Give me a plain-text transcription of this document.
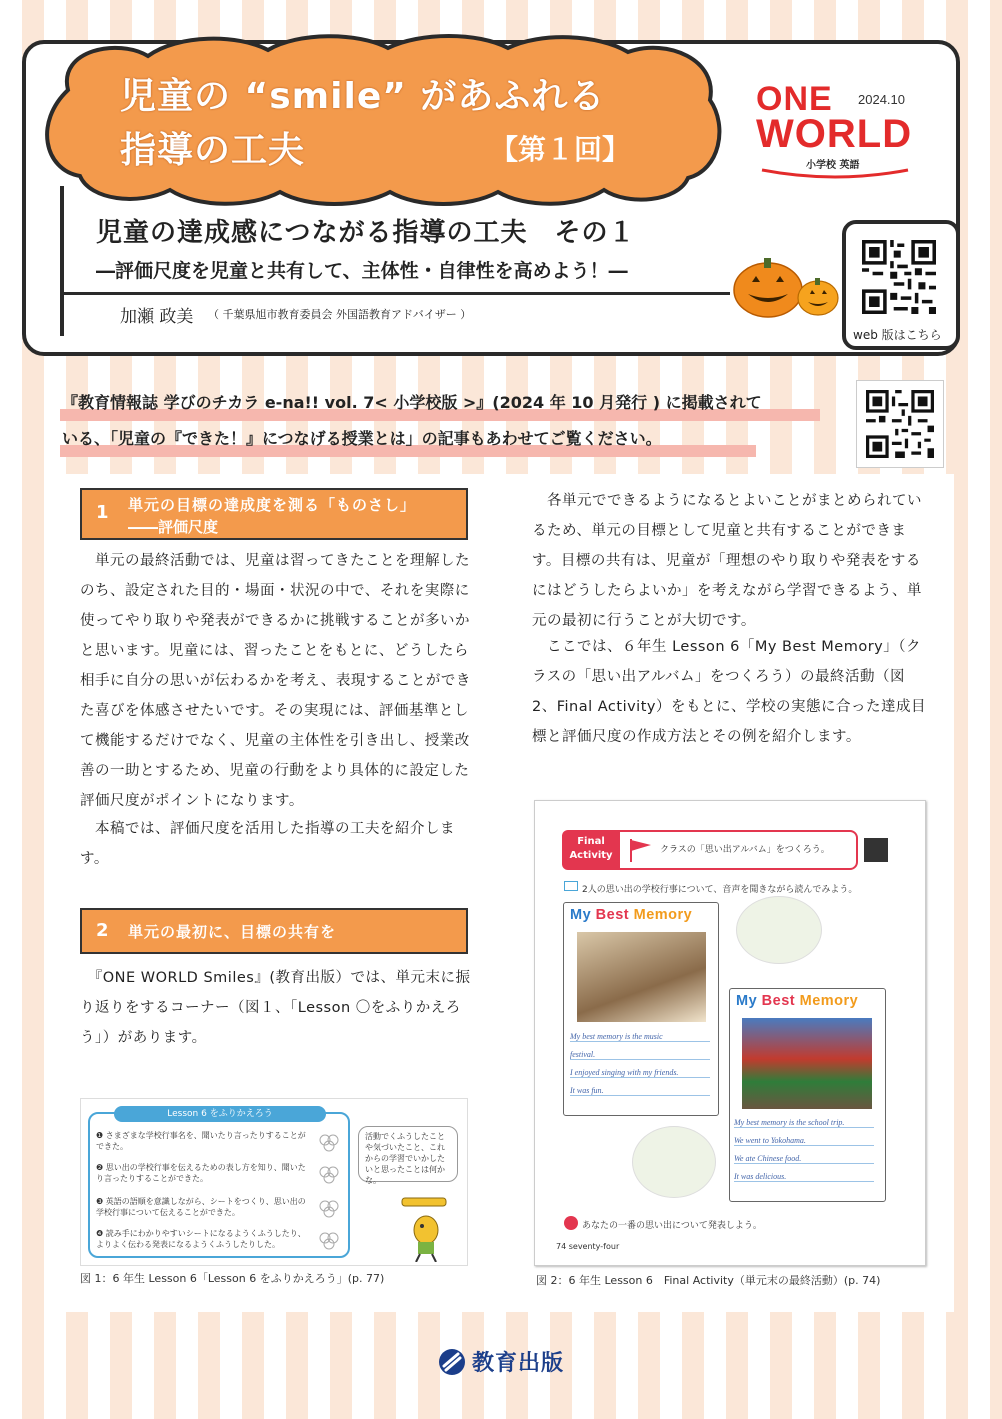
児童の “smile” があふれる
指導の工夫	【第１回】
ONE 2024.10
WORLD
小学校 英語
児童の達成感につながる指導の工夫　その１
―評価尺度を児童と共有して、主体性・自律性を高めよう！―
加瀬 政美 （ 千葉県旭市教育委員会 外国語教育アドバイザー ）
web 版はこちら
『教育情報誌 学びのチカラ e-na!! vol. 7< 小学校版 >』(2024 年 10 月発行 ) に掲載されて
いる、「児童の『できた！』につなげる授業とは」の記事もあわせてご覧ください。
1 単元の目標の達成度を測る「ものさし」
――評価尺度
　単元の最終活動では、児童は習ってきたことを理解したのち、設定された目的・場面・状況の中で、それを実際に使ってやり取りや発表ができるかに挑戦することが多いかと思います。児童には、習ったことをもとに、どうしたら相手に自分の思いが伝わるかを考え、表現することができた喜びを体感させたいです。その実現には、評価基準として機能するだけでなく、児童の主体性を引き出し、授業改善の一助とするため、児童の行動をより具体的に設定した評価尺度がポイントになります。
　本稿では、評価尺度を活用した指導の工夫を紹介します。
2 単元の最初に、目標の共有を
　『ONE WORLD Smiles』(教育出版）では、単元末に振り返りをするコーナー（図１、「Lesson 〇をふりかえろう」）があります。
　各単元でできるようになるとよいことがまとめられているため、単元の目標として児童と共有することができます。目標の共有は、児童が「理想のやり取りや発表をするにはどうしたらよいか」を考えながら学習できるよう、単元の最初に行うことが大切です。
　ここでは、６年生 Lesson 6「My Best Memory」（クラスの「思い出アルバム」をつくろう）の最終活動（図 2、Final Activity）をもとに、学校の実態に合った達成目標と評価尺度の作成方法とその例を紹介します。
Lesson 6 をふりかえろう
❶ さまざまな学校行事名を、聞いたり言ったりすることができた。
❷ 思い出の学校行事を伝えるための表し方を知り、聞いたり言ったりすることができた。
❸ 英語の語順を意識しながら、シートをつくり、思い出の学校行事について伝えることができた。
❹ 読み手にわかりやすいシートになるようくふうしたり、よりよく伝わる発表になるようくふうしたりした。
活動でくふうしたことや気づいたこと、これからの学習でいかしたいと思ったことは何かな。
図 1：6 年生 Lesson 6「Lesson 6 をふりかえろう」(p. 77)
Final
Activity	クラスの「思い出アルバム」をつくろう。
2人の思い出の学校行事について、音声を聞きながら読んでみよう。
My Best Memory
My best memory is the music
festival.
I enjoyed singing with my friends.
It was fun.
My Best Memory
My best memory is the school trip.
We went to Yokohama.
We ate Chinese food.
It was delicious.
あなたの一番の思い出について発表しよう。
74 seventy-four
図 2：6 年生 Lesson 6　Final Activity（単元末の最終活動）(p. 74)
教育出版
